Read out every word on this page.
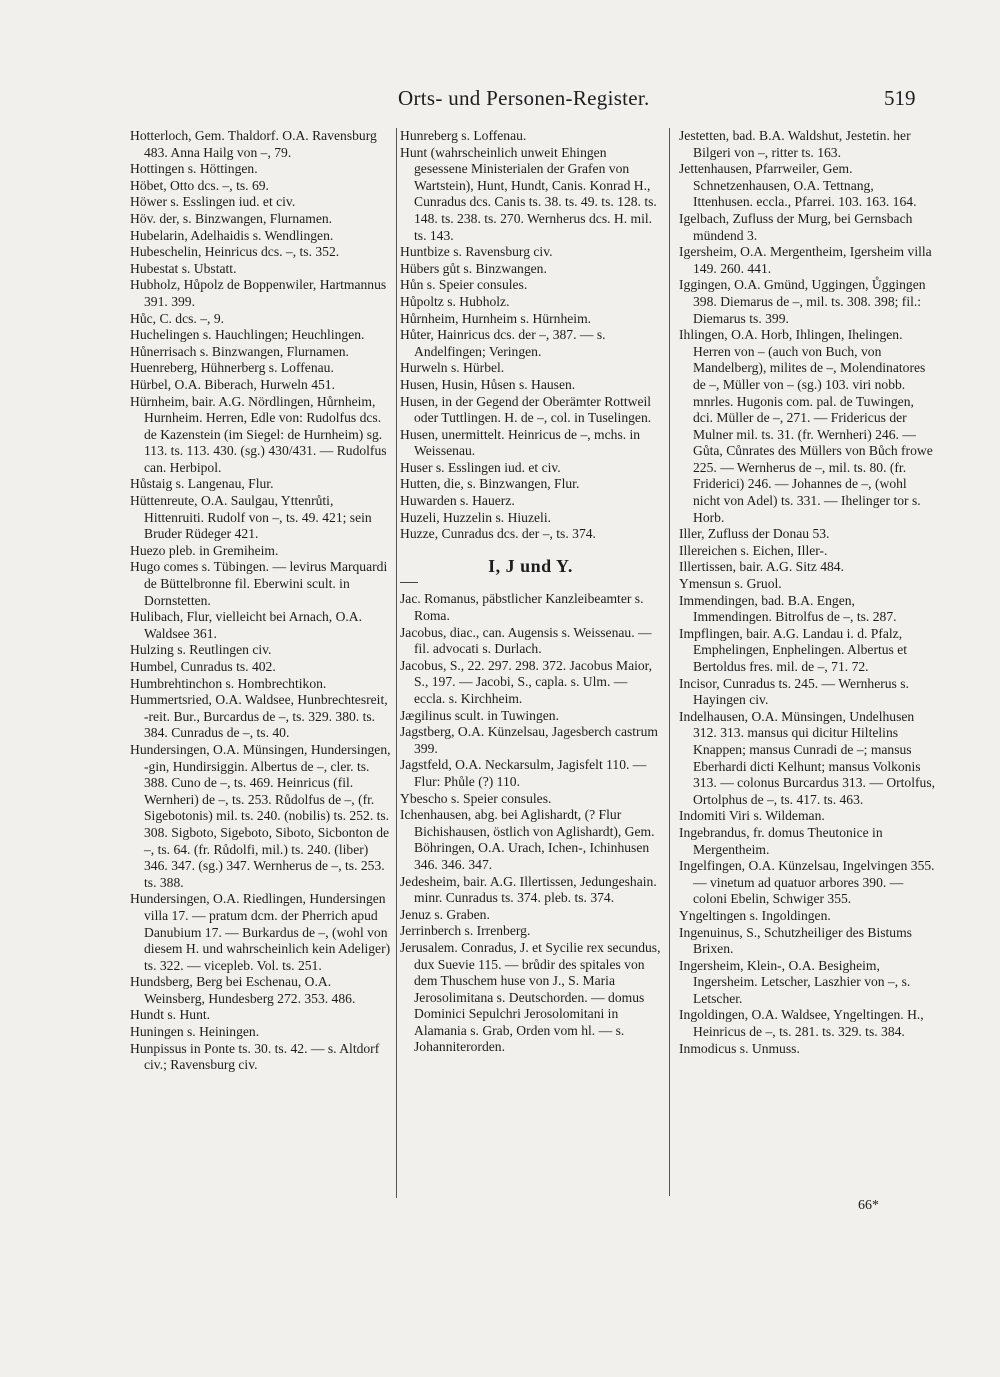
Orts- und Personen-Register.	519

Hotterloch, Gem. Thaldorf. O.A. Ravensburg 483. Anna Hailg von –, 79.

Hottingen s. Höttingen.

Höbet, Otto dcs. –, ts. 69.

Höwer s. Esslingen iud. et civ.

Höv. der, s. Binzwangen, Flurnamen.

Hubelarin, Adelhaidis s. Wendlingen.

Hubeschelin, Heinricus dcs. –, ts. 352.

Hubestat s. Ubstatt.

Hubholz, Hůpolz de Boppenwiler, Hartmannus 391. 399.

Hůc, C. dcs. –, 9.

Huchelingen s. Hauchlingen; Heuchlingen.

Hůnerrisach s. Binzwangen, Flurnamen.

Huenreberg, Hühnerberg s. Loffenau.

Hürbel, O.A. Biberach, Hurweln 451.

Hürnheim, bair. A.G. Nördlingen, Hůrnheim, Hurnheim. Herren, Edle von: Rudolfus dcs. de Kazenstein (im Siegel: de Hurnheim) sg. 113. ts. 113. 430. (sg.) 430/431. — Rudolfus can. Herbipol.

Hůstaig s. Langenau, Flur.

Hüttenreute, O.A. Saulgau, Yttenrůti, Hittenruiti. Rudolf von –, ts. 49. 421; sein Bruder Rüdeger 421.

Huezo pleb. in Gremiheim.

Hugo comes s. Tübingen. — levirus Marquardi de Büttelbronne fil. Eberwini scult. in Dornstetten.

Hulibach, Flur, vielleicht bei Arnach, O.A. Waldsee 361.

Hulzing s. Reutlingen civ.

Humbel, Cunradus ts. 402.

Humbrehtinchon s. Hombrechtikon.

Hummertsried, O.A. Waldsee, Hunbrechtesreit, -reit. Bur., Burcardus de –, ts. 329. 380. ts. 384. Cunradus de –, ts. 40.

Hundersingen, O.A. Münsingen, Hundersingen, -gin, Hundirsiggin. Albertus de –, cler. ts. 388. Cuno de –, ts. 469. Heinricus (fil. Wernheri) de –, ts. 253. Růdolfus de –, (fr. Sigebotonis) mil. ts. 240. (nobilis) ts. 252. ts. 308. Sigboto, Sigeboto, Siboto, Sicbonton de –, ts. 64. (fr. Růdolfi, mil.) ts. 240. (liber) 346. 347. (sg.) 347. Wernherus de –, ts. 253. ts. 388.

Hundersingen, O.A. Riedlingen, Hundersingen villa 17. — pratum dcm. der Pherrich apud Danubium 17. — Burkardus de –, (wohl von diesem H. und wahrscheinlich kein Adeliger) ts. 322. — vicepleb. Vol. ts. 251.

Hundsberg, Berg bei Eschenau, O.A. Weinsberg, Hundesberg 272. 353. 486.

Hundt s. Hunt.

Huningen s. Heiningen.

Hunpissus in Ponte ts. 30. ts. 42. — s. Altdorf civ.; Ravensburg civ.

Hunreberg s. Loffenau.

Hunt (wahrscheinlich unweit Ehingen gesessene Ministerialen der Grafen von Wartstein), Hunt, Hundt, Canis. Konrad H., Cunradus dcs. Canis ts. 38. ts. 49. ts. 128. ts. 148. ts. 238. ts. 270. Wernherus dcs. H. mil. ts. 143.

Huntbize s. Ravensburg civ.

Hübers gůt s. Binzwangen.

Hůn s. Speier consules.

Hůpoltz s. Hubholz.

Hůrnheim, Hurnheim s. Hürnheim.

Hůter, Hainricus dcs. der –, 387. — s. Andelfingen; Veringen.

Hurweln s. Hürbel.

Husen, Husin, Hůsen s. Hausen.

Husen, in der Gegend der Oberämter Rottweil oder Tuttlingen. H. de –, col. in Tuselingen.

Husen, unermittelt. Heinricus de –, mchs. in Weissenau.

Huser s. Esslingen iud. et civ.

Hutten, die, s. Binzwangen, Flur.

Huwarden s. Hauerz.

Huzeli, Huzzelin s. Hiuzeli.

Huzze, Cunradus dcs. der –, ts. 374.

I, J und Y.

Jac. Romanus, päbstlicher Kanzleibeamter s. Roma.

Jacobus, diac., can. Augensis s. Weissenau. — fil. advocati s. Durlach.

Jacobus, S., 22. 297. 298. 372. Jacobus Maior, S., 197. — Jacobi, S., capla. s. Ulm. — eccla. s. Kirchheim.

Jægilinus scult. in Tuwingen.

Jagstberg, O.A. Künzelsau, Jagesberch castrum 399.

Jagstfeld, O.A. Neckarsulm, Jagisfelt 110. — Flur: Phůle (?) 110.

Ybescho s. Speier consules.

Ichenhausen, abg. bei Aglishardt, (? Flur Bichishausen, östlich von Aglishardt), Gem. Böhringen, O.A. Urach, Ichen-, Ichinhusen 346. 346. 347.

Jedesheim, bair. A.G. Illertissen, Jedungeshain. minr. Cunradus ts. 374. pleb. ts. 374.

Jenuz s. Graben.

Jerrinberch s. Irrenberg.

Jerusalem. Conradus, J. et Sycilie rex secundus, dux Suevie 115. — brůdir des spitales von dem Thuschem huse von J., S. Maria Jerosolimitana s. Deutschorden. — domus Dominici Sepulchri Jerosolomitani in Alamania s. Grab, Orden vom hl. — s. Johanniterorden.

Jestetten, bad. B.A. Waldshut, Jestetin. her Bilgeri von –, ritter ts. 163.

Jettenhausen, Pfarrweiler, Gem. Schnetzenhausen, O.A. Tettnang, Ittenhusen. eccla., Pfarrei. 103. 163. 164.

Igelbach, Zufluss der Murg, bei Gernsbach mündend 3.

Igersheim, O.A. Mergentheim, Igersheim villa 149. 260. 441.

Iggingen, O.A. Gmünd, Uggingen, Ůggingen 398. Diemarus de –, mil. ts. 308. 398; fil.: Diemarus ts. 399.

Ihlingen, O.A. Horb, Ihlingen, Ihelingen. Herren von – (auch von Buch, von Mandelberg), milites de –, Molendinatores de –, Müller von – (sg.) 103. viri nobb. mnrles. Hugonis com. pal. de Tuwingen, dci. Müller de –, 271. — Fridericus der Mulner mil. ts. 31. (fr. Wernheri) 246. — Gůta, Cůnrates des Müllers von Bůch frowe 225. — Wernherus de –, mil. ts. 80. (fr. Friderici) 246. — Johannes de –, (wohl nicht von Adel) ts. 331. — Ihelinger tor s. Horb.

Iller, Zufluss der Donau 53.

Illereichen s. Eichen, Iller-.

Illertissen, bair. A.G. Sitz 484.

Ymensun s. Gruol.

Immendingen, bad. B.A. Engen, Immendingen. Bitrolfus de –, ts. 287.

Impflingen, bair. A.G. Landau i. d. Pfalz, Emphelingen, Enphelingen. Albertus et Bertoldus fres. mil. de –, 71. 72.

Incisor, Cunradus ts. 245. — Wernherus s. Hayingen civ.

Indelhausen, O.A. Münsingen, Undelhusen 312. 313. mansus qui dicitur Hiltelins Knappen; mansus Cunradi de –; mansus Eberhardi dicti Kelhunt; mansus Volkonis 313. — colonus Burcardus 313. — Ortolfus, Ortolphus de –, ts. 417. ts. 463.

Indomiti Viri s. Wildeman.

Ingebrandus, fr. domus Theutonice in Mergentheim.

Ingelfingen, O.A. Künzelsau, Ingelvingen 355. — vinetum ad quatuor arbores 390. — coloni Ebelin, Schwiger 355.

Yngeltingen s. Ingoldingen.

Ingenuinus, S., Schutzheiliger des Bistums Brixen.

Ingersheim, Klein-, O.A. Besigheim, Ingersheim. Letscher, Laszhier von –, s. Letscher.

Ingoldingen, O.A. Waldsee, Yngeltingen. H., Heinricus de –, ts. 281. ts. 329. ts. 384.

Inmodicus s. Unmuss.

66*
